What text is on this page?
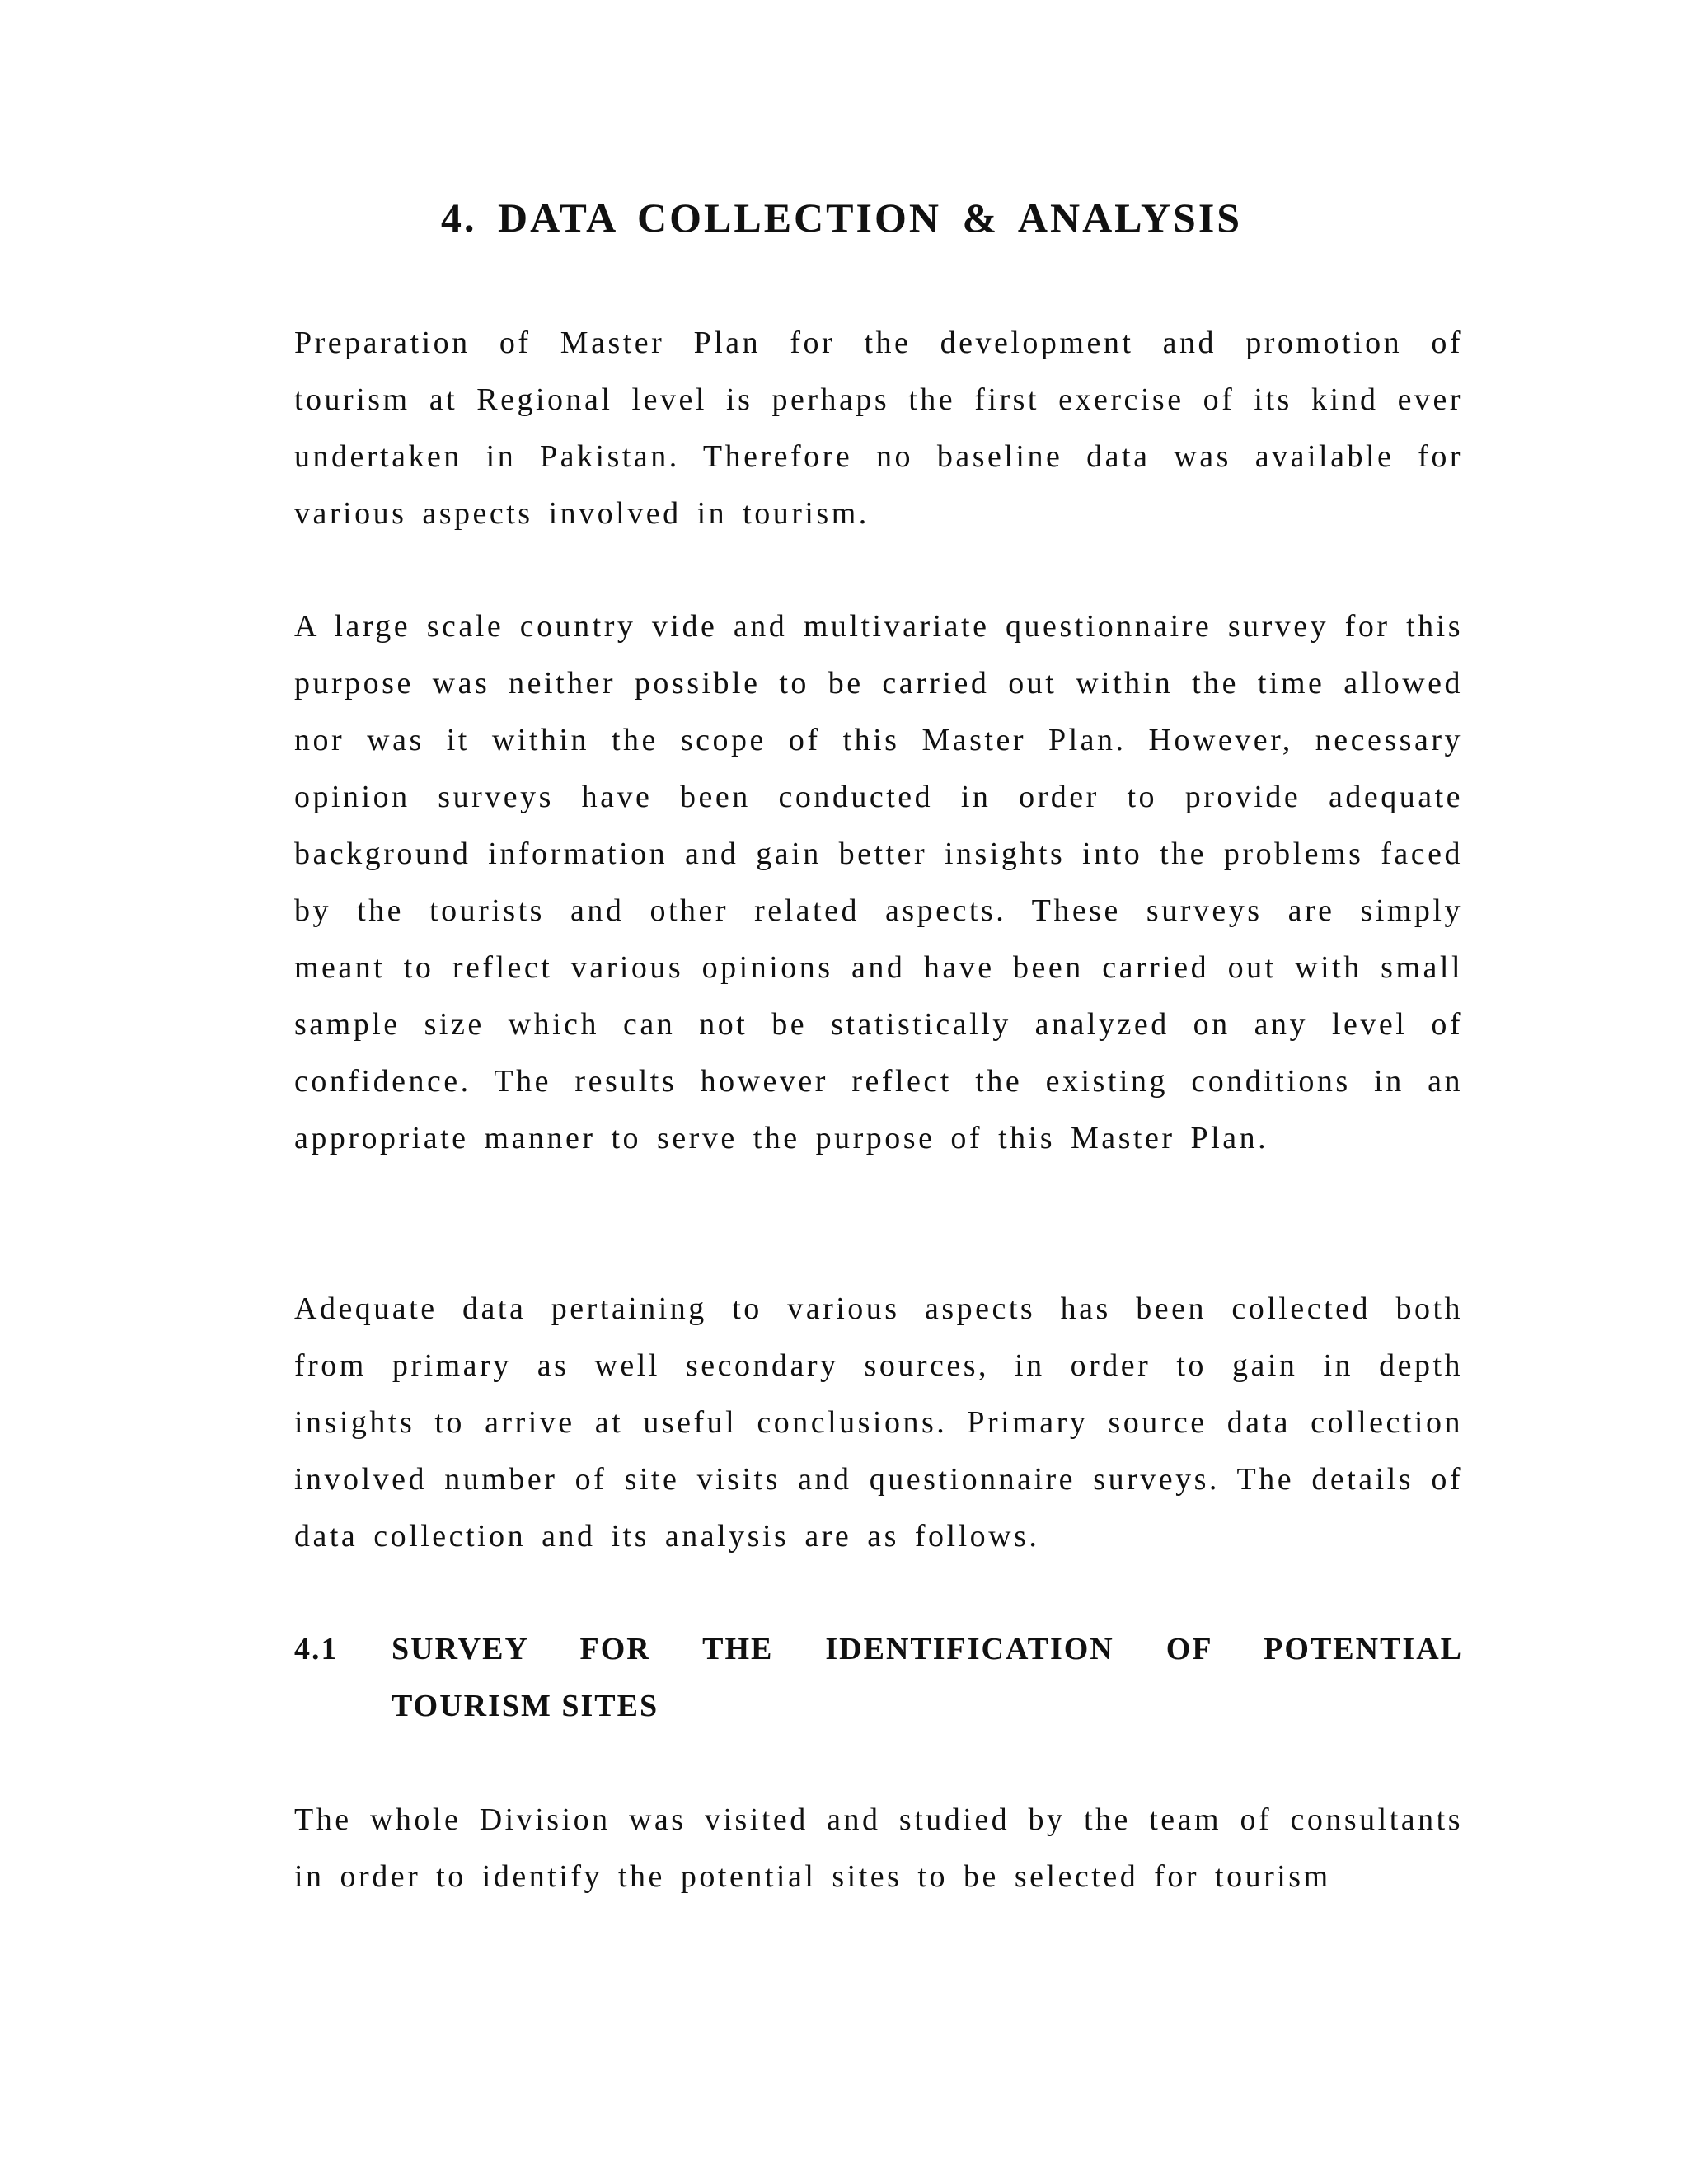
4. DATA COLLECTION & ANALYSIS

Preparation of Master Plan for the development and promotion of tourism at Regional level is perhaps the first exercise of its kind ever undertaken in Pakistan. Therefore no baseline data was available for various aspects involved in tourism.

A large scale country vide and multivariate questionnaire survey for this purpose was neither possible to be carried out within the time allowed nor was it within the scope of this Master Plan. However, necessary opinion surveys have been conducted in order to provide adequate background information and gain better insights into the problems faced by the tourists and other related aspects. These surveys are simply meant to reflect various opinions and have been carried out with small sample size which can not be statistically analyzed on any level of confidence. The results however reflect the existing conditions in an appropriate manner to serve the purpose of this Master Plan.

Adequate data pertaining to various aspects has been collected both from primary as well secondary sources, in order to gain in depth insights to arrive at useful conclusions. Primary source data collection involved number of site visits and questionnaire surveys. The details of data collection and its analysis are as follows.

4.1 SURVEY FOR THE IDENTIFICATION OF POTENTIAL
TOURISM SITES

The whole Division was visited and studied by the team of consultants in order to identify the potential sites to be selected for tourism
